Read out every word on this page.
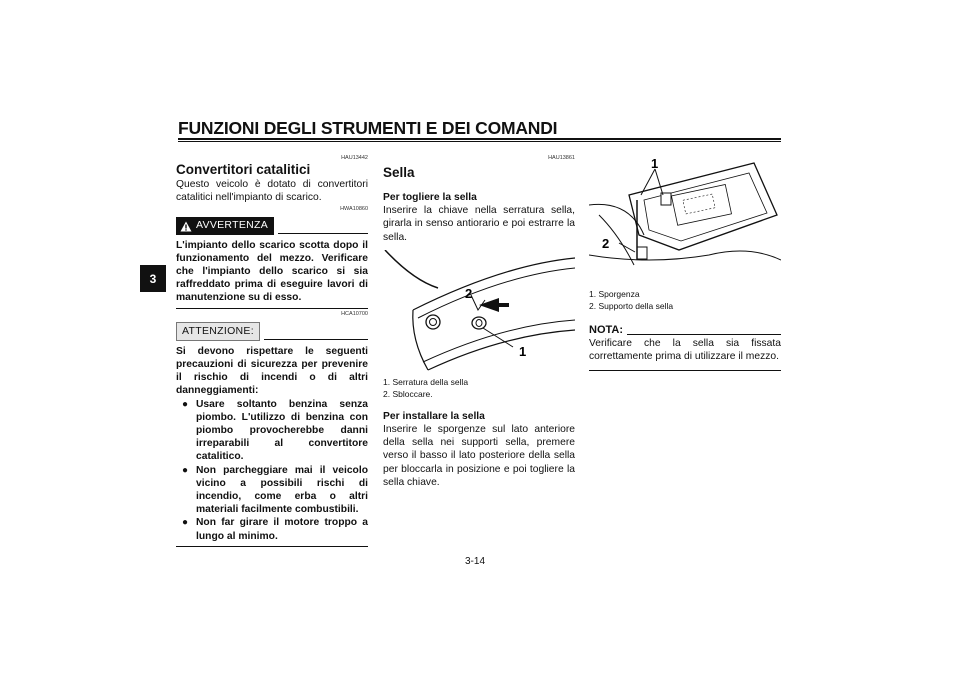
FUNZIONI DEGLI STRUMENTI E DEI COMANDI
3
HAU13442
Convertitori catalitici
Questo veicolo è dotato di convertitori catalitici nell'impianto di scarico.
HWA10860
AVVERTENZA
L'impianto dello scarico scotta dopo il funzionamento del mezzo. Verificare che l'impianto dello scarico si sia raffreddato prima di eseguire lavori di manutenzione su di esso.
HCA10700
ATTENZIONE:
Si devono rispettare le seguenti precauzioni di sicurezza per prevenire il rischio di incendi o di altri danneggiamenti:
● Usare soltanto benzina senza piombo. L'utilizzo di benzina con piombo provocherebbe danni irreparabili al convertitore catalitico.
● Non parcheggiare mai il veicolo vicino a possibili rischi di incendio, come erba o altri materiali facilmente combustibili.
● Non far girare il motore troppo a lungo al minimo.
HAU13861
Sella
Per togliere la sella
Inserire la chiave nella serratura sella, girarla in senso antiorario e poi estrarre la sella.
2
1
1. Serratura della sella
2. Sbloccare.
Per installare la sella
Inserire le sporgenze sul lato anteriore della sella nei supporti sella, premere verso il basso il lato posteriore della sella per bloccarla in posizione e poi togliere la sella chiave.
1
2
1. Sporgenza
2. Supporto della sella
NOTA:
Verificare che la sella sia fissata correttamente prima di utilizzare il mezzo.
3-14
